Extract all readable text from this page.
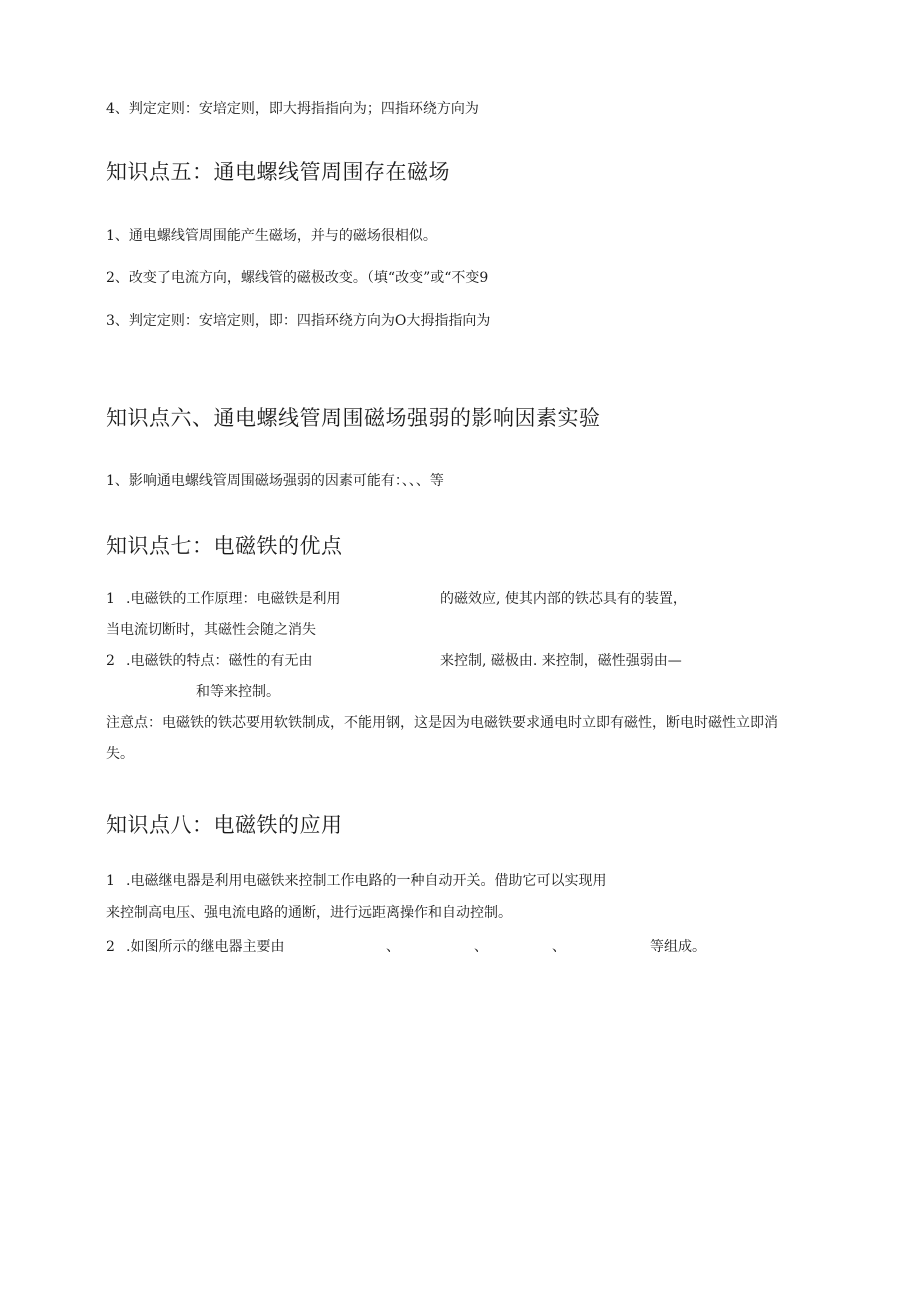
4、判定定则：安培定则，即大拇指指向为；四指环绕方向为
知识点五：通电螺线管周围存在磁场
1、通电螺线管周围能产生磁场，并与的磁场很相似。
2、改变了电流方向，螺线管的磁极改变。（填“改变”或“不变9
3、判定定则：安培定则，即：四指环绕方向为O大拇指指向为
知识点六、通电螺线管周围磁场强弱的影响因素实验
1、影响通电螺线管周围磁场强弱的因素可能有：、、、等
知识点七：电磁铁的优点
1 .电磁铁的工作原理：电磁铁是利用	的磁效应, 使其内部的铁芯具有的装置，
当电流切断时，其磁性会随之消失
2 .电磁铁的特点：磁性的有无由	来控制, 磁极由. 来控制，磁性强弱由—
和等来控制。
注意点：电磁铁的铁芯要用软铁制成，不能用钢，这是因为电磁铁要求通电时立即有磁性，断电时磁性立即消
失。
知识点八：电磁铁的应用
1 .电磁继电器是利用电磁铁来控制工作电路的一种自动开关。借助它可以实现用
来控制高电压、强电流电路的通断，进行远距离操作和自动控制。
2 .如图所示的继电器主要由	、	、	、	等组成。
